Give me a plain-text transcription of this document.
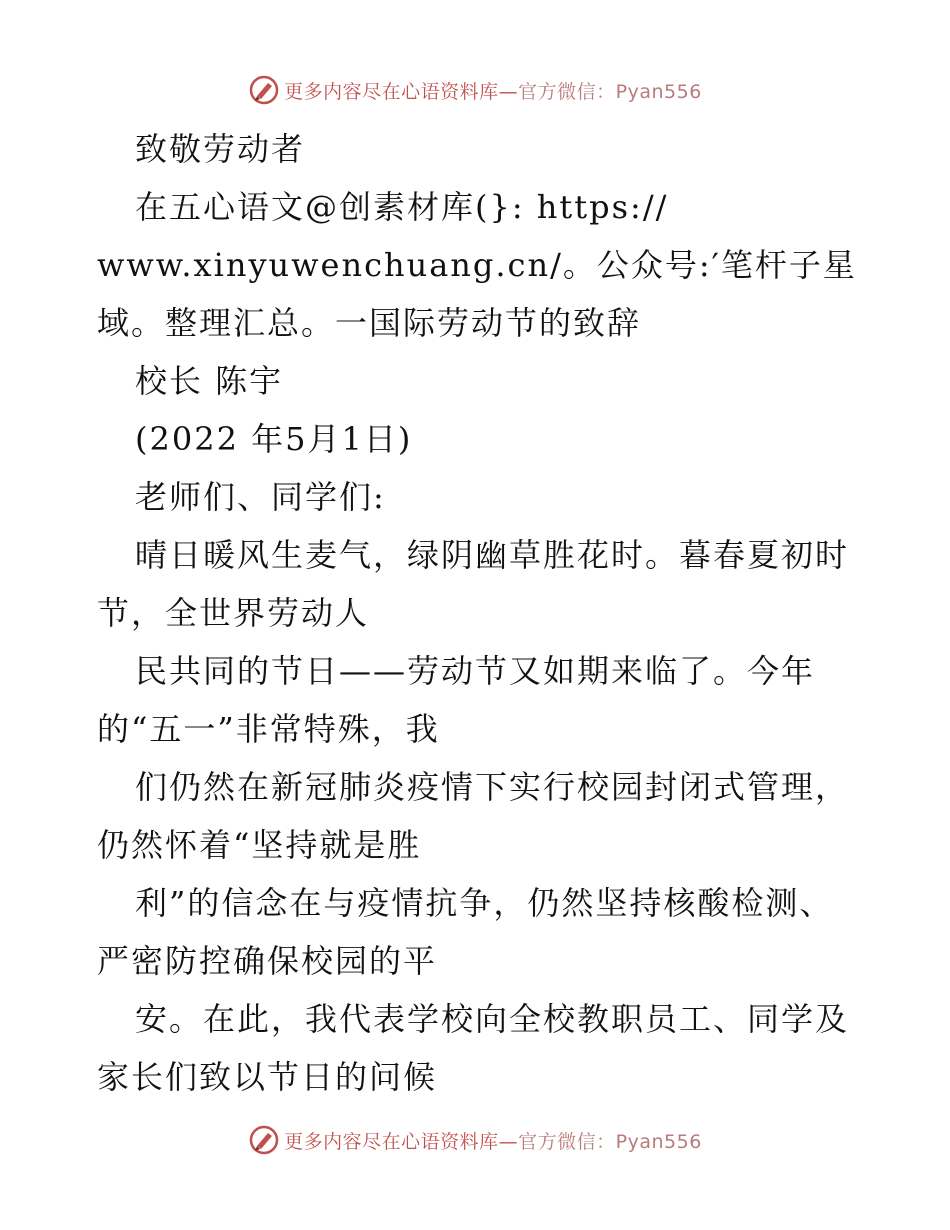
更多内容尽在心语资料库—官方微信：Pyan556
致敬劳动者
在五心语文@创素材库(}: https://
www.xinyuwenchuang.cn/。公众号:′笔杆子星
域。整理汇总。一国际劳动节的致辞
校长 陈宇
(2022 年5月1日)
老师们、同学们:
晴日暖风生麦气，绿阴幽草胜花时。暮春夏初时
节，全世界劳动人
民共同的节日——劳动节又如期来临了。今年
的“五一”非常特殊，我
们仍然在新冠肺炎疫情下实行校园封闭式管理，
仍然怀着“坚持就是胜
利”的信念在与疫情抗争，仍然坚持核酸检测、
严密防控确保校园的平
安。在此，我代表学校向全校教职员工、同学及
家长们致以节日的问候
更多内容尽在心语资料库—官方微信：Pyan556
